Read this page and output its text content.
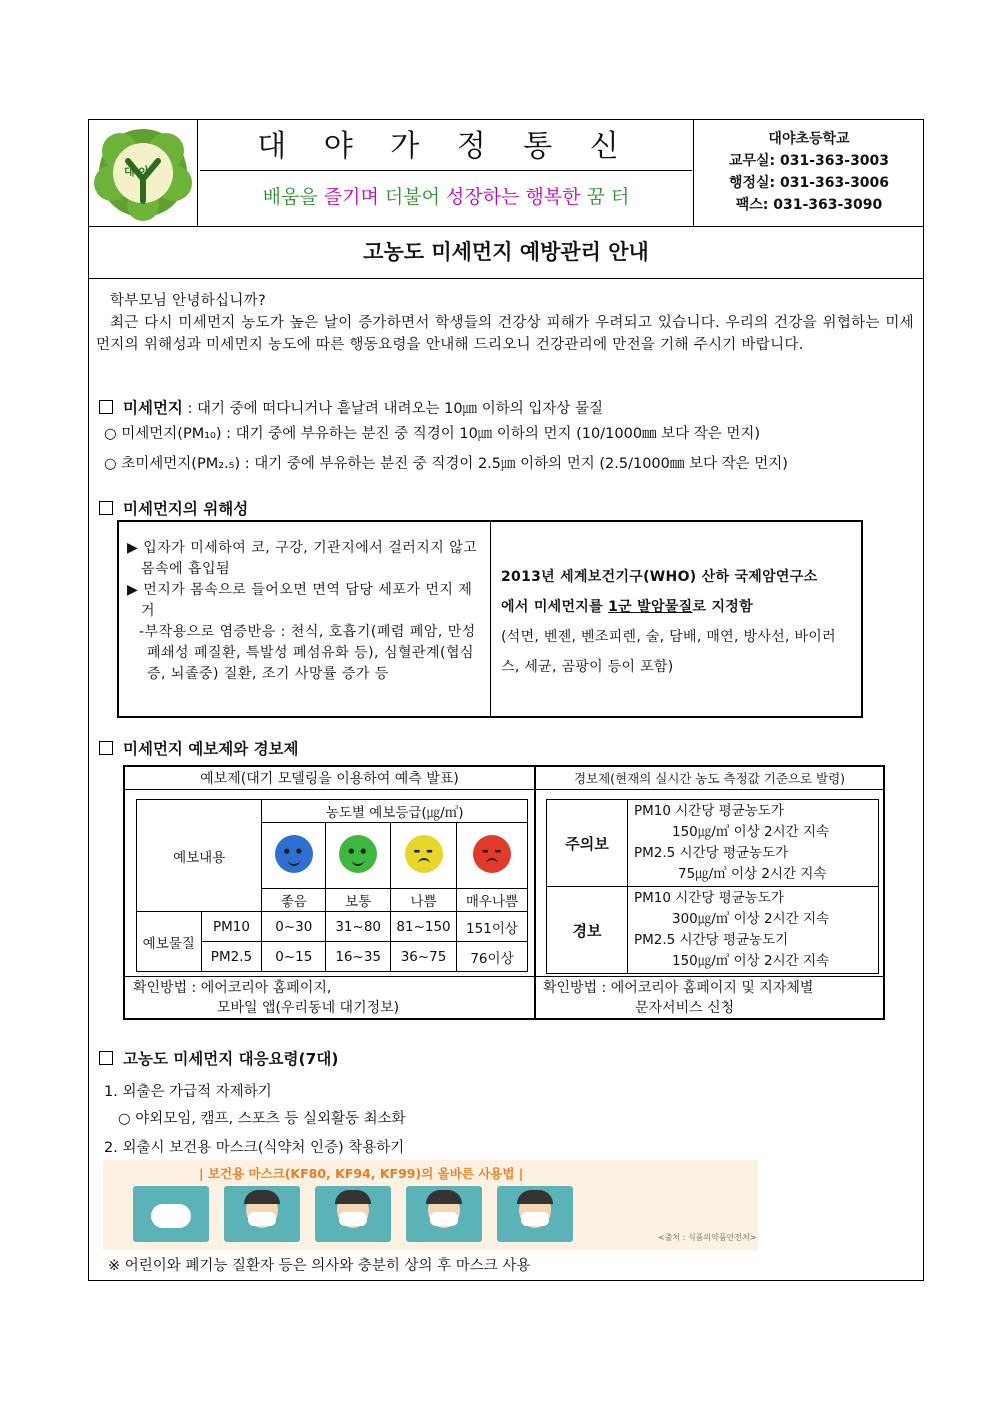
대 야
대 야 가 정 통 신
배움을 즐기며 더불어 성장하는 행복한 꿈 터
대야초등학교
교무실: 031-363-3003
행정실: 031-363-3006
팩스: 031-363-3090
고농도 미세먼지 예방관리 안내

학부모님 안녕하십니까?

최근 다시 미세먼지 농도가 높은 날이 증가하면서 학생들의 건강상 피해가 우려되고 있습니다. 우리의 건강을 위협하는 미세먼지의 위해성과 미세먼지 농도에 따른 행동요령을 안내해 드리오니 건강관리에 만전을 기해 주시기 바랍니다.

미세먼지 : 대기 중에 떠다니거나 흩날려 내려오는 10㎛ 이하의 입자상 물질
○ 미세먼지(PM₁₀) : 대기 중에 부유하는 분진 중 직경이 10㎛ 이하의 먼지 (10/1000㎜ 보다 작은 먼지)
○ 초미세먼지(PM₂.₅) : 대기 중에 부유하는 분진 중 직경이 2.5㎛ 이하의 먼지 (2.5/1000㎜ 보다 작은 먼지)
미세먼지의 위해성

▶ 입자가 미세하여 코, 구강, 기관지에서 걸러지지 않고 몸속에 흡입됨

▶ 먼지가 몸속으로 들어오면 면역 담당 세포가 먼지 제거

-부작용으로 염증반응 : 천식, 호흡기(폐렴 폐암, 만성폐쇄성 폐질환, 특발성 폐섬유화 등), 심혈관계(협심증, 뇌졸중) 질환, 조기 사망률 증가 등

2013년 세계보건기구(WHO) 산하 국제암연구소
에서 미세먼지를 1군 발암물질로 지정함
(석면, 벤젠, 벤조피렌, 술, 담배, 매연, 방사선, 바이러스, 세균, 곰팡이 등이 포함)
미세먼지 예보제와 경보제
예보제(대기 모델링을 이용하여 예측 발표)	경보제(현재의 실시간 농도 측정값 기준으로 발령)
예보내용		농도별 예보등급(㎍/㎥)			

		●●	●●	▬▬	▬▬

		좋음	보통	나쁨	매우나쁨
예보물질	PM10	0~30	31~80	81~150	151이상
	PM2.5	0~15	16~35	36~75	76이상
주의보	PM10 시간당 평균농도가
150㎍/㎥ 이상 2시간 지속
PM2.5 시간당 평균농도가
75㎍/㎥ 이상 2시간 지속

경보	PM10 시간당 평균농도가
300㎍/㎥ 이상 2시간 지속
PM2.5 시간당 평균농도기
150㎍/㎥ 이상 2시간 지속
확인방법 : 에어코리아 홈페이지,
모바일 앱(우리동네 대기정보)
확인방법 : 에어코리아 홈페이지 및 지자체별
문자서비스 신청
고농도 미세먼지 대응요령(7대)
1. 외출은 가급적 자제하기
○ 야외모임, 캠프, 스포츠 등 실외활동 최소화
2. 외출시 보건용 마스크(식약처 인증) 착용하기
| 보건용 마스크(KF80, KF94, KF99)의 올바른 사용법 |
<출처 : 식품의약품안전처>
※ 어린이와 폐기능 질환자 등은 의사와 충분히 상의 후 마스크 사용
